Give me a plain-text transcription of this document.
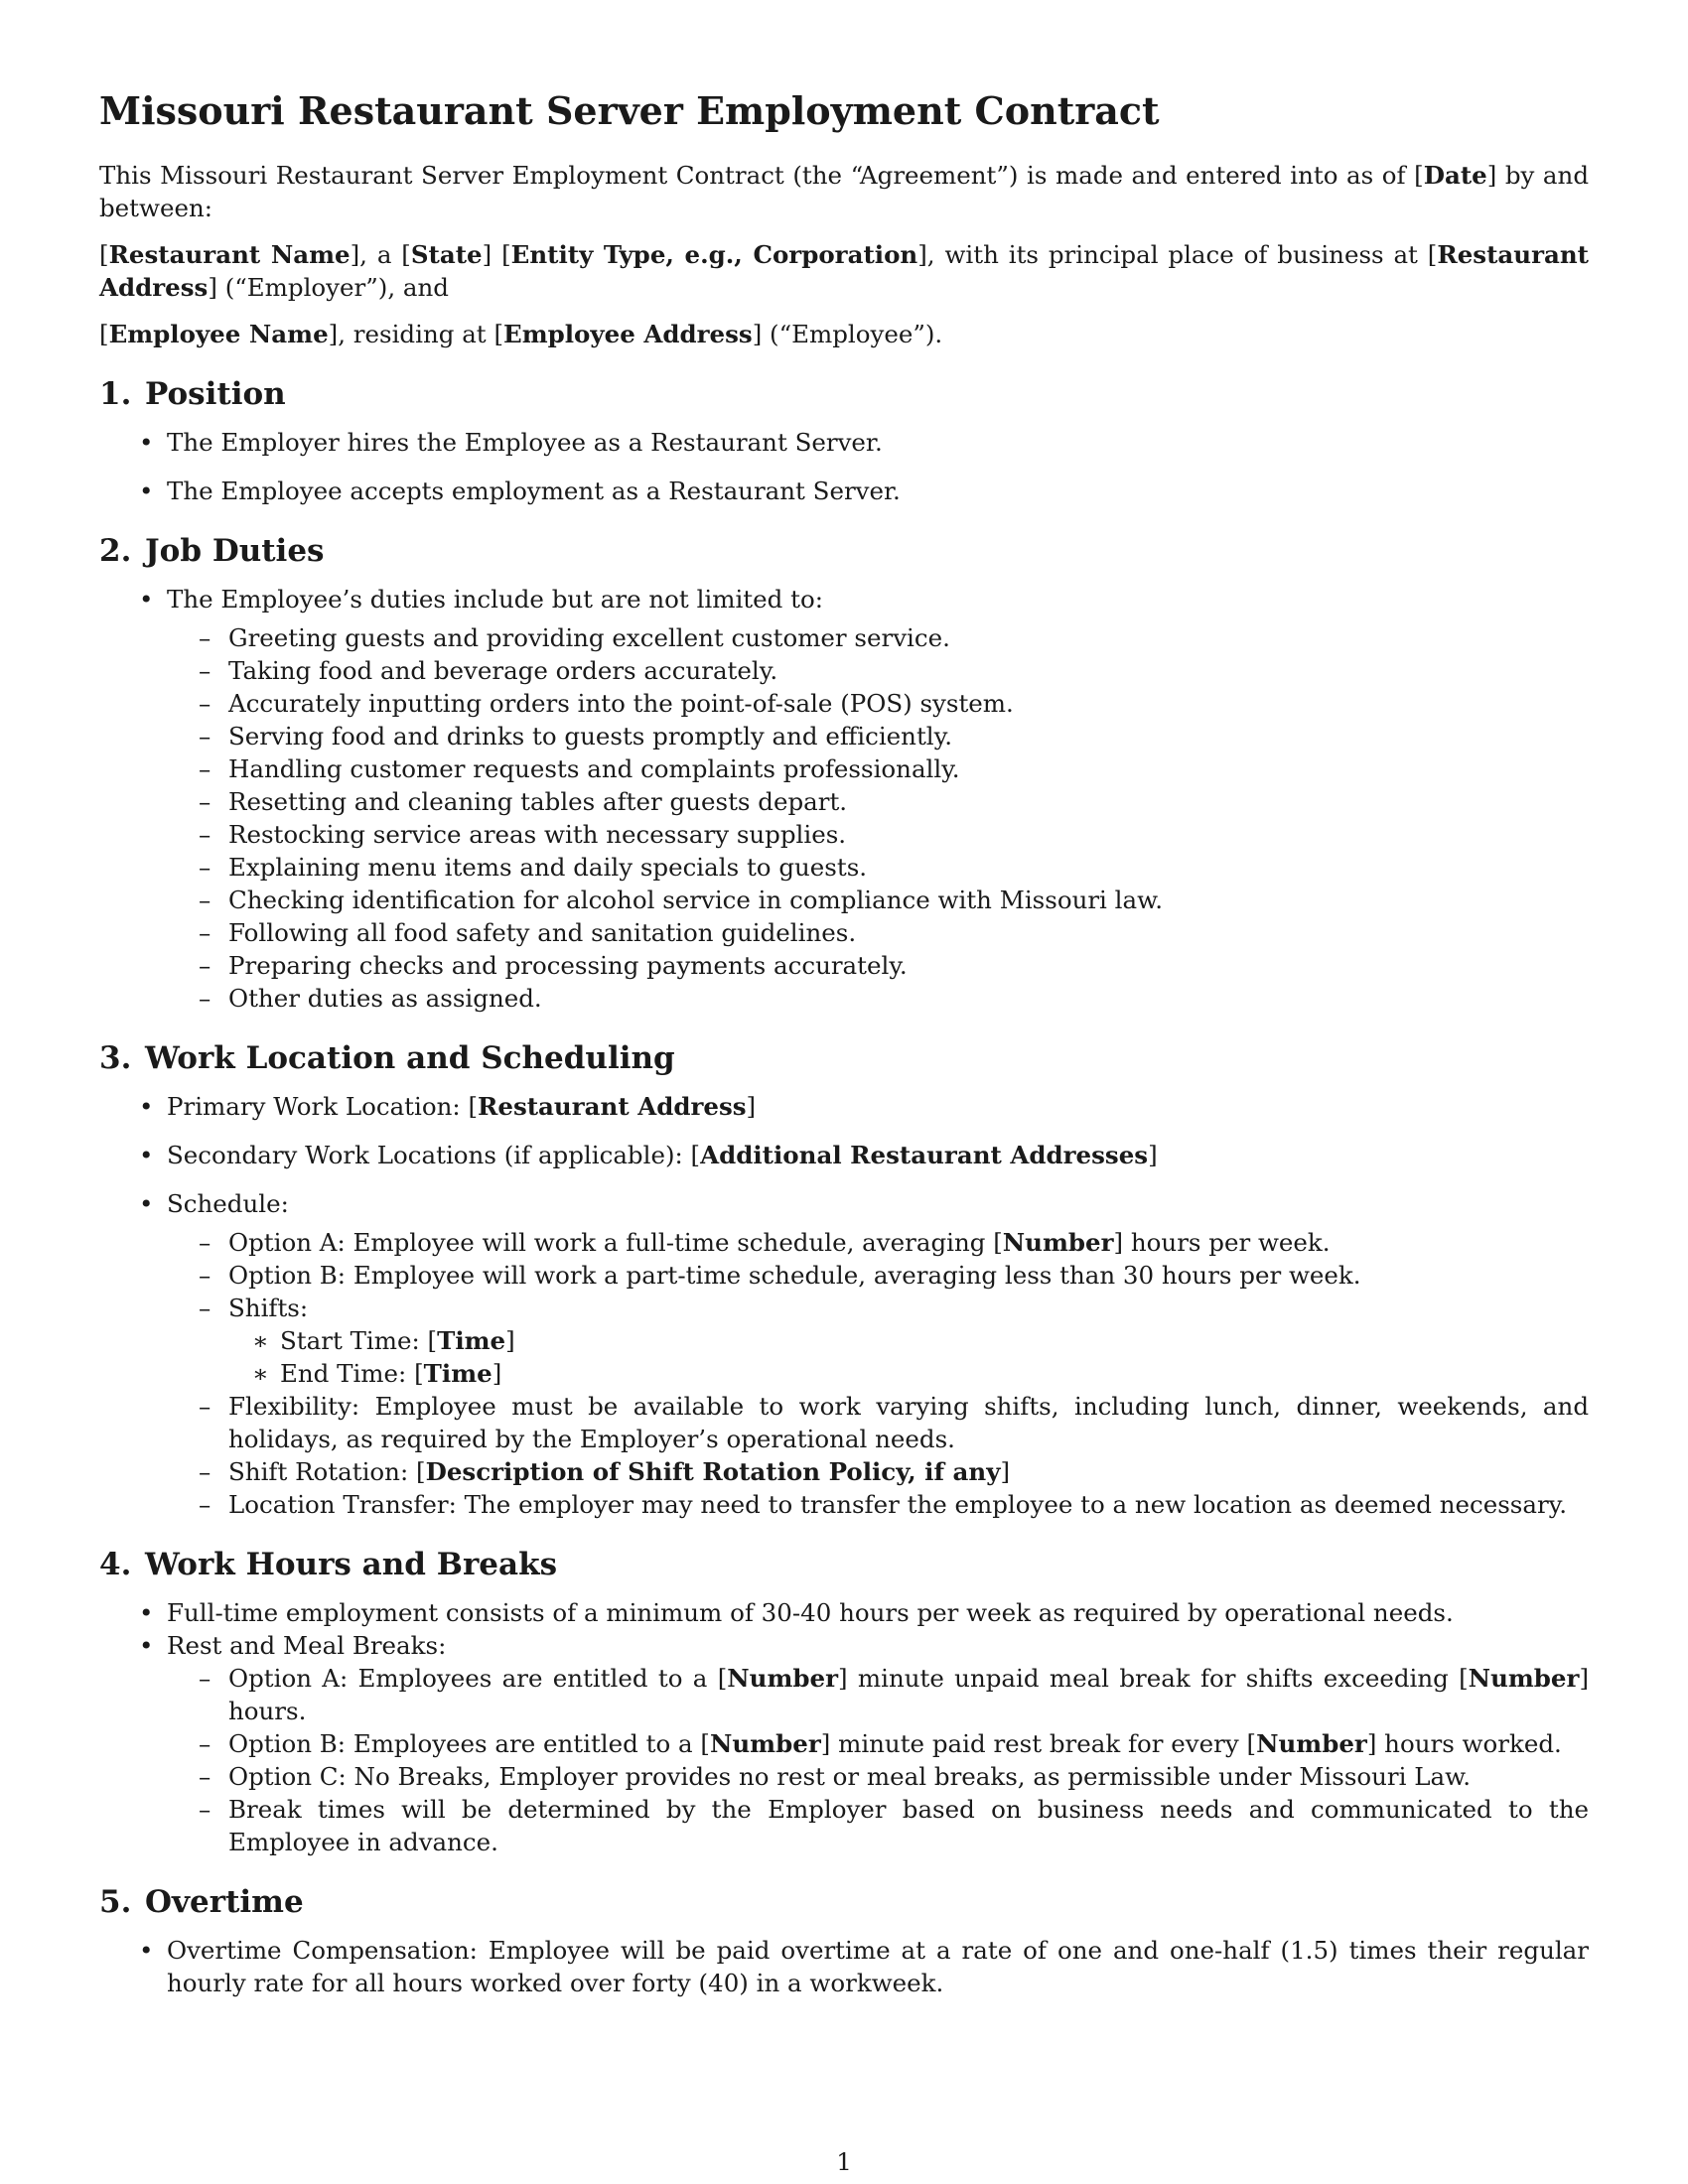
Missouri Restaurant Server Employment Contract

This Missouri Restaurant Server Employment Contract (the “Agreement”) is made and entered into as of [Date] by and between:

[Restaurant Name], a [State] [Entity Type, e.g., Corporation], with its principal place of business at [Restaurant Address] (“Employer”), and

[Employee Name], residing at [Employee Address] (“Employee”).

1. Position
• The Employer hires the Employee as a Restaurant Server.
• The Employee accepts employment as a Restaurant Server.
2. Job Duties
• The Employee’s duties include but are not limited to:
– Greeting guests and providing excellent customer service.
– Taking food and beverage orders accurately.
– Accurately inputting orders into the point-of-sale (POS) system.
– Serving food and drinks to guests promptly and efficiently.
– Handling customer requests and complaints professionally.
– Resetting and cleaning tables after guests depart.
– Restocking service areas with necessary supplies.
– Explaining menu items and daily specials to guests.
– Checking identification for alcohol service in compliance with Missouri law.
– Following all food safety and sanitation guidelines.
– Preparing checks and processing payments accurately.
– Other duties as assigned.
3. Work Location and Scheduling
• Primary Work Location: [Restaurant Address]
• Secondary Work Locations (if applicable): [Additional Restaurant Addresses]
• Schedule:
– Option A: Employee will work a full-time schedule, averaging [Number] hours per week.
– Option B: Employee will work a part-time schedule, averaging less than 30 hours per week.
– Shifts:
∗ Start Time: [Time]
∗ End Time: [Time]
– Flexibility: Employee must be available to work varying shifts, including lunch, dinner, weekends, and holidays, as required by the Employer’s operational needs.
– Shift Rotation: [Description of Shift Rotation Policy, if any]
– Location Transfer: The employer may need to transfer the employee to a new location as deemed necessary.
4. Work Hours and Breaks
• Full-time employment consists of a minimum of 30-40 hours per week as required by operational needs.
• Rest and Meal Breaks:
– Option A: Employees are entitled to a [Number] minute unpaid meal break for shifts exceeding [Number] hours.
– Option B: Employees are entitled to a [Number] minute paid rest break for every [Number] hours worked.
– Option C: No Breaks, Employer provides no rest or meal breaks, as permissible under Missouri Law.
– Break times will be determined by the Employer based on business needs and communicated to the Employee in advance.
5. Overtime
• Overtime Compensation: Employee will be paid overtime at a rate of one and one-half (1.5) times their regular hourly rate for all hours worked over forty (40) in a workweek.
1
